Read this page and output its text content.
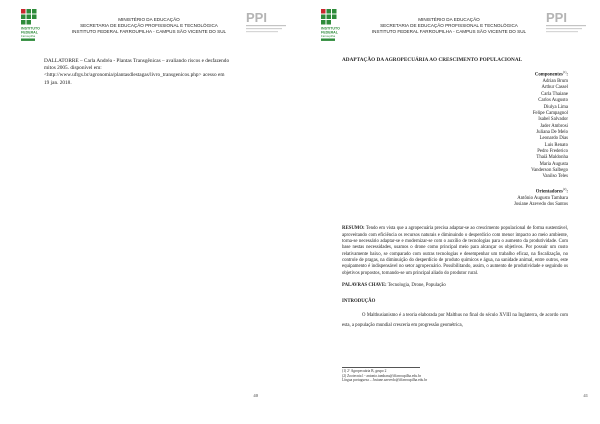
INSTITUTO
FEDERAL
Farroupilha
MINISTÉRIO DA EDUCAÇÃO
SECRETARIA DE EDUCAÇÃO PROFISSIONAL E TECNOLÓGICA
INSTITUTO FEDERAL FARROUPILHA - CAMPUS SÃO VICENTE DO SUL
PPI

DALLATORRE – Carla Andréa - Plantas Transgênicas – avaliando riscos e desfazendo

mitos 2005. disponível em:

<http://www.ufrgs.br/agronomia/plantasdlestagas/livro_transgenicos.php> acesso em

19 jan. 2018.

40
INSTITUTO
FEDERAL
Farroupilha
MINISTÉRIO DA EDUCAÇÃO
SECRETARIA DE EDUCAÇÃO PROFISSIONAL E TECNOLÓGICA
INSTITUTO FEDERAL FARROUPILHA - CAMPUS SÃO VICENTE DO SUL
PPI
ADAPTAÇÃO DA AGROPECUÁRIA AO CRESCIMENTO POPULACIONAL
Componentes$^{(1)}$:
Adrian Brum
Arthur Cassel
Carla Thaiane
Carlos Augusto
Diulya Lima
Felipe Campagnol
Isabel Salvador
Jader Ambrosi
Juliana De Melo
Leonardo Dias
Luis Renato
Pedro Frederico
Thaiã Maldonha
Maria Augusta
Vanderson Salbego
Vanilso Teles
Orientadores$^{(2)}$:
Antônio Augusto Tambara
Josiane Azevedo dos Santos
RESUMO: Tendo em vista que a agropecuária precisa adaptar-se ao crescimento populacional de forma sustentável, aproveitando com eficiência os recursos naturais e diminuindo o desperdício com menor impacto ao meio ambiente, torna-se necessário adaptar-se e modernizar-se com o auxílio de tecnologias para o aumento da produtividade. Com base nestas necessidades, usamos o drone como principal meio para alcançar os objetivos. Por possuir um custo relativamente baixo, se comparado com outras tecnologias e desempenhar um trabalho eficaz, na fiscalização, no controle de pragas, na diminuição do desperdício de produto químicos e água, na sanidade animal, entre outros, este equipamento é indispensável no setor agropecuário. Possibilitando, assim, o aumento de produtividade e seguindo os objetivos propostos, tornando-se um principal aliado do produtor rural.
PALAVRAS CHAVE: Tecnologia, Drone, População
INTRODUÇÃO
O Malthusianismo é a teoria elaborada por Malthus no final do século XVIII na Inglaterra, de acordo com esta, a população mundial cresceria em progressão geométrica,
(1) 2º Agropecuária B, grupo 2
(2) Zootecnia l - antonio.tambara@iffarroupilha.edu.br
Língua portuguesa – Josiane.azevedo@iffarroupilha.edu.br
41
